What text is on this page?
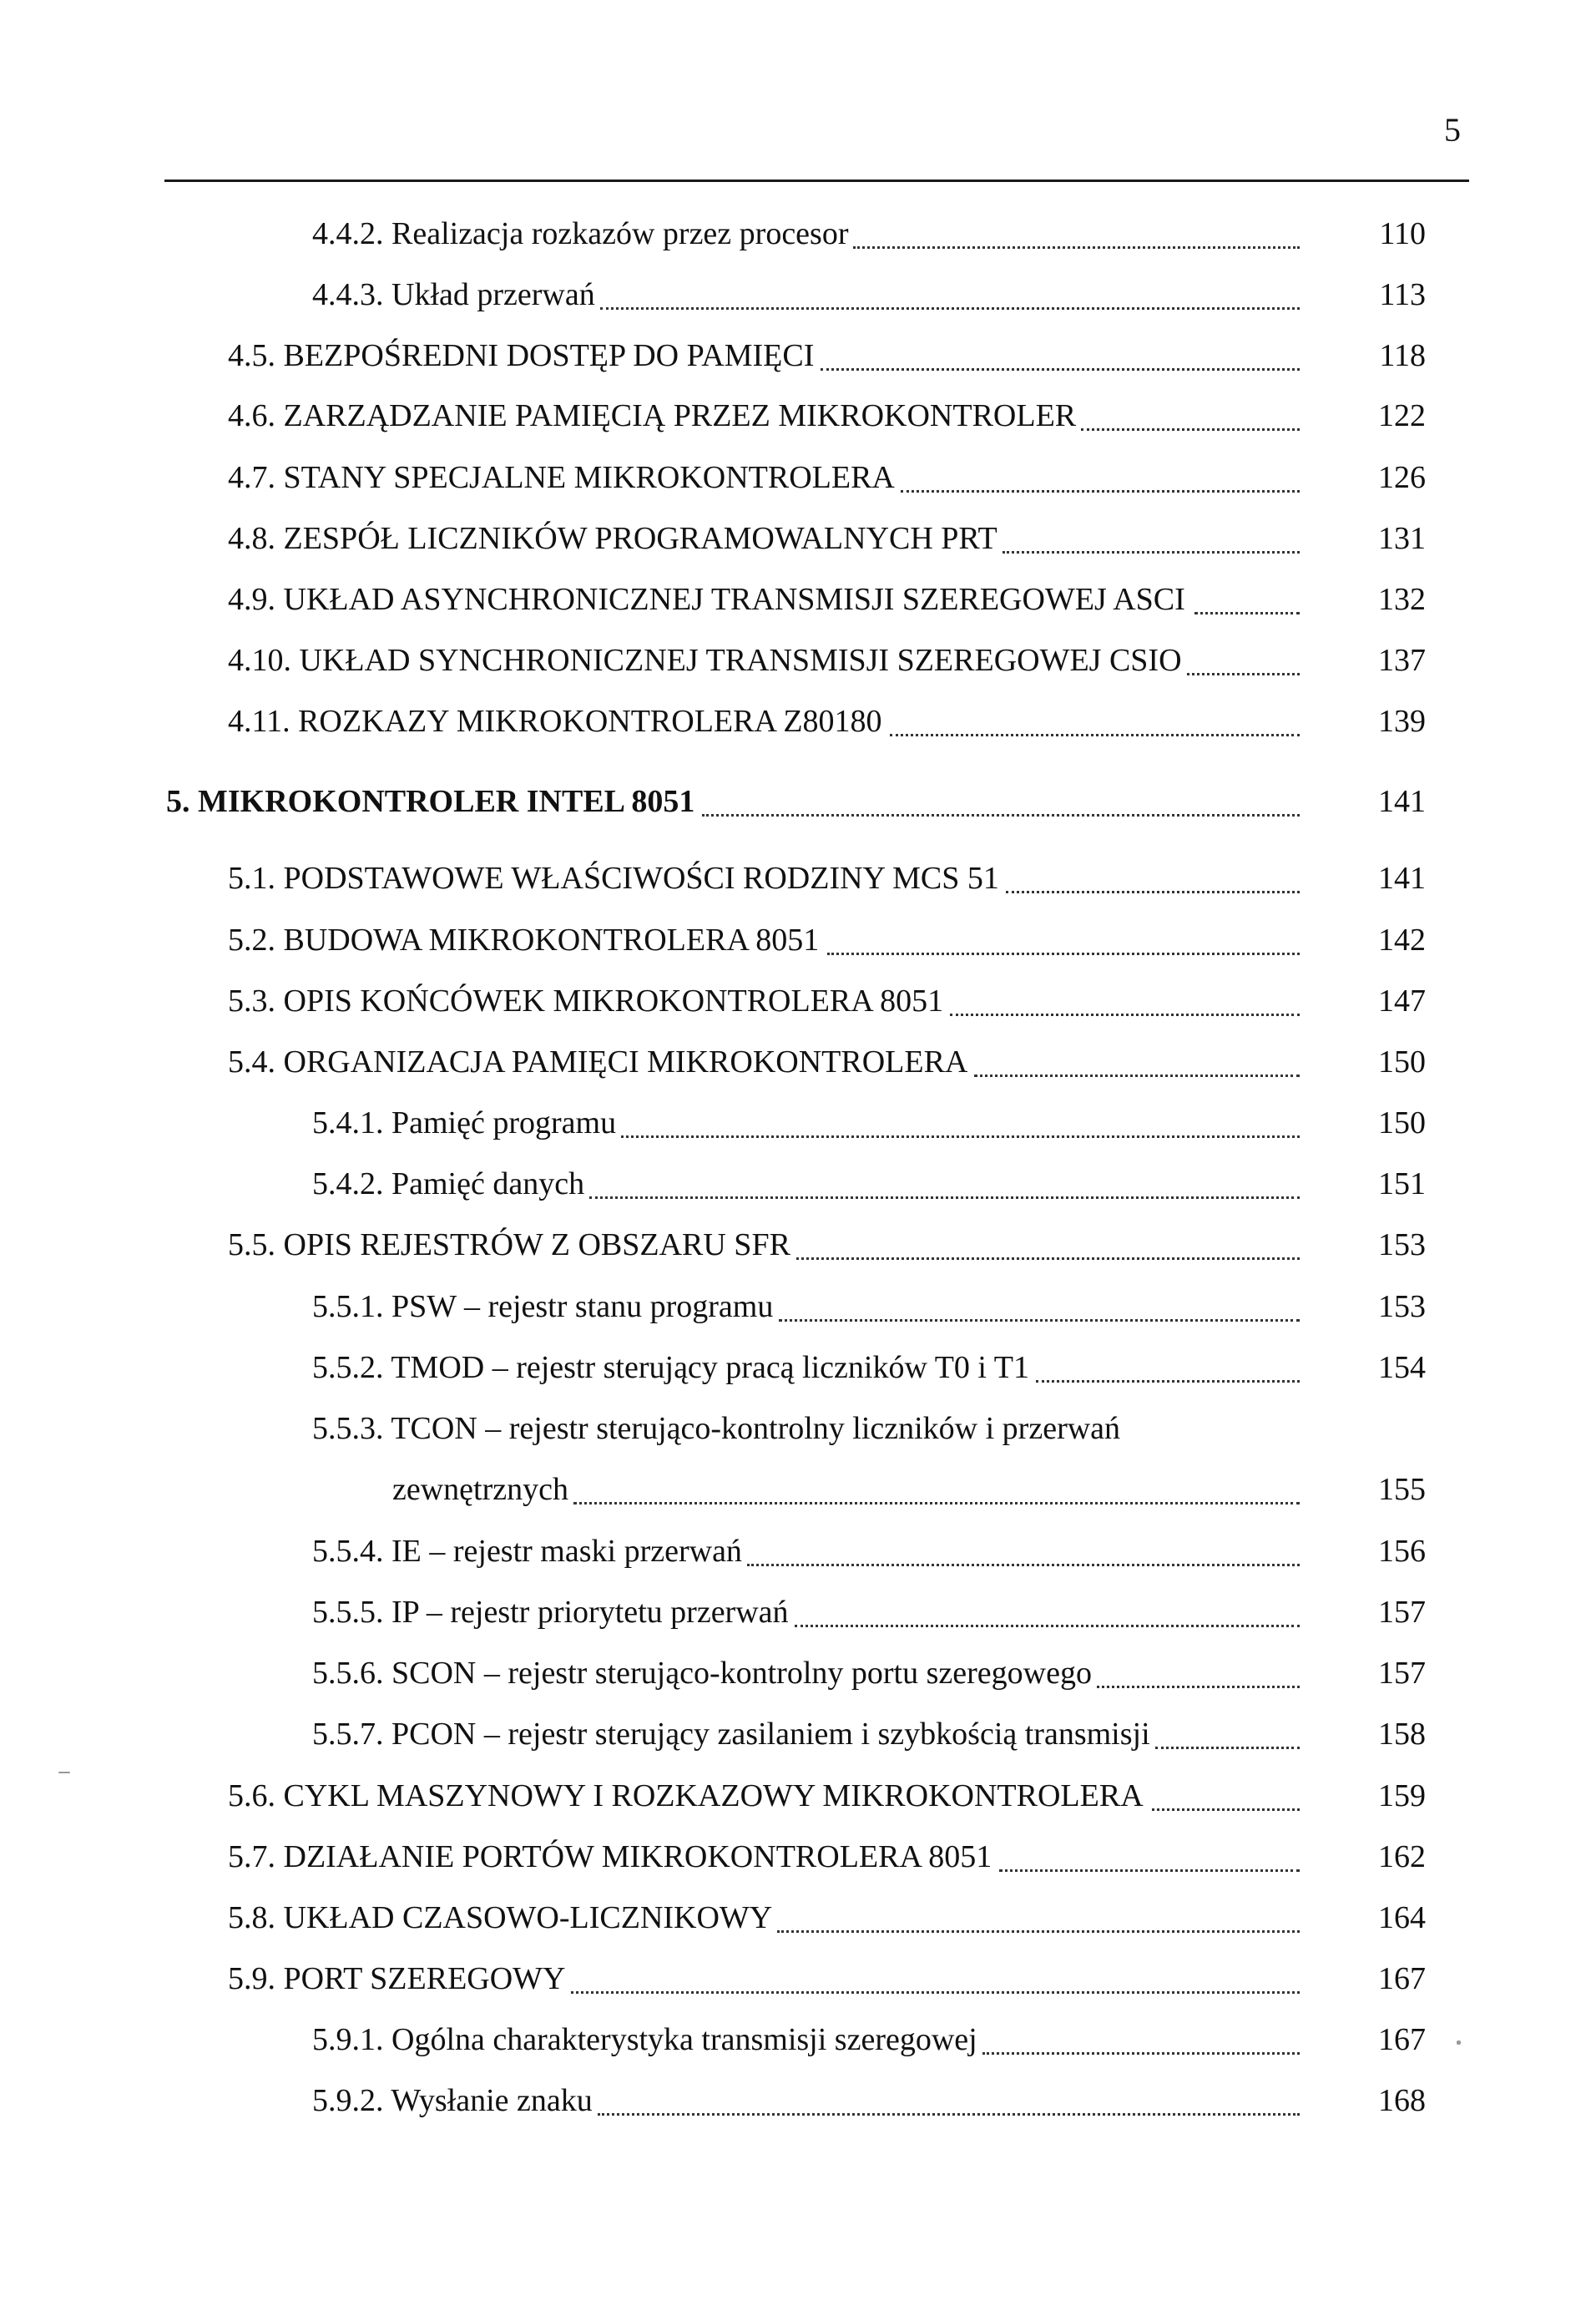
5
4.4.2. Realizacja rozkazów przez procesor	110
4.4.3. Układ przerwań	113
4.5. BEZPOŚREDNI DOSTĘP DO PAMIĘCI	118
4.6. ZARZĄDZANIE PAMIĘCIĄ PRZEZ MIKROKONTROLER	122
4.7. STANY SPECJALNE MIKROKONTROLERA	126
4.8. ZESPÓŁ LICZNIKÓW PROGRAMOWALNYCH PRT	131
4.9. UKŁAD ASYNCHRONICZNEJ TRANSMISJI SZEREGOWEJ ASCI	132
4.10. UKŁAD SYNCHRONICZNEJ TRANSMISJI SZEREGOWEJ CSIO	137
4.11. ROZKAZY MIKROKONTROLERA Z80180	139
5. MIKROKONTROLER INTEL 8051	141
5.1. PODSTAWOWE WŁAŚCIWOŚCI RODZINY MCS 51	141
5.2. BUDOWA MIKROKONTROLERA 8051	142
5.3. OPIS KOŃCÓWEK MIKROKONTROLERA 8051	147
5.4. ORGANIZACJA PAMIĘCI MIKROKONTROLERA	150
5.4.1. Pamięć programu	150
5.4.2. Pamięć danych	151
5.5. OPIS REJESTRÓW Z OBSZARU SFR	153
5.5.1. PSW – rejestr stanu programu	153
5.5.2. TMOD – rejestr sterujący pracą liczników T0 i T1	154
5.5.3. TCON – rejestr sterująco-kontrolny liczników i przerwań
zewnętrznych	155
5.5.4. IE – rejestr maski przerwań	156
5.5.5. IP – rejestr priorytetu przerwań	157
5.5.6. SCON – rejestr sterująco-kontrolny portu szeregowego	157
5.5.7. PCON – rejestr sterujący zasilaniem i szybkością transmisji	158
5.6. CYKL MASZYNOWY I ROZKAZOWY MIKROKONTROLERA	159
5.7. DZIAŁANIE PORTÓW MIKROKONTROLERA 8051	162
5.8. UKŁAD CZASOWO-LICZNIKOWY	164
5.9. PORT SZEREGOWY	167
5.9.1. Ogólna charakterystyka transmisji szeregowej	167
5.9.2. Wysłanie znaku	168
